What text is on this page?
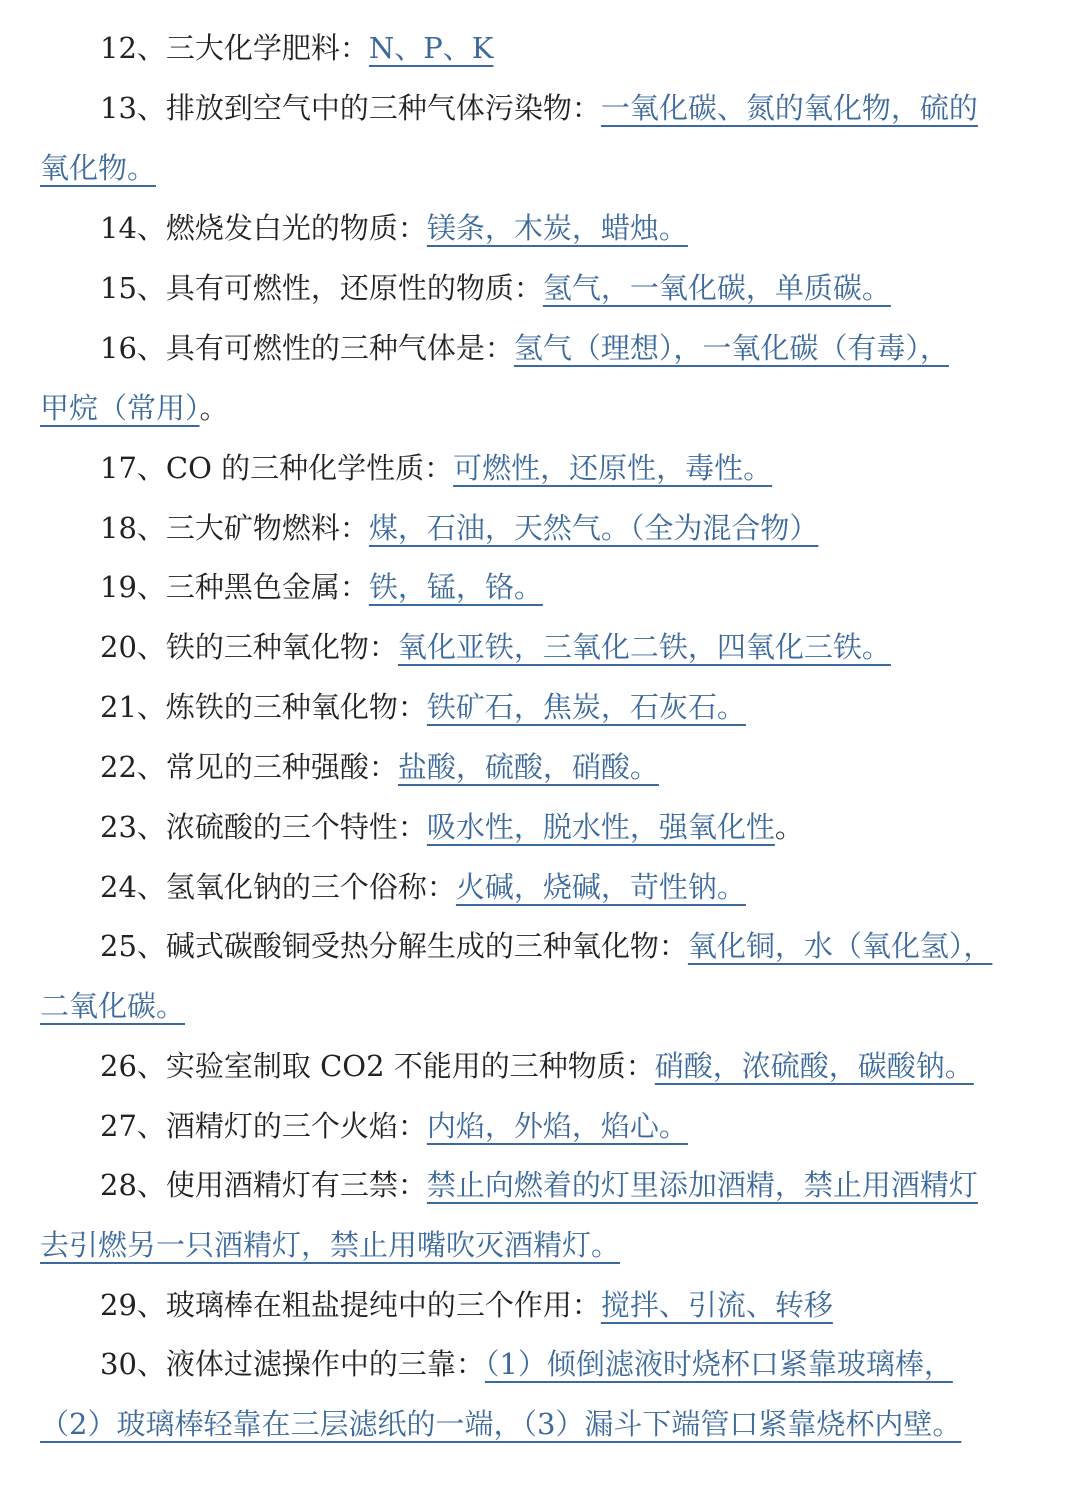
12、三大化学肥料：N、P、K
13、排放到空气中的三种气体污染物：一氧化碳、氮的氧化物，硫的
氧化物。
14、燃烧发白光的物质：镁条，木炭，蜡烛。
15、具有可燃性，还原性的物质：氢气，一氧化碳，单质碳。
16、具有可燃性的三种气体是：氢气（理想），一氧化碳（有毒），
甲烷（常用）。
17、CO 的三种化学性质：可燃性，还原性，毒性。
18、三大矿物燃料：煤，石油，天然气。（全为混合物）
19、三种黑色金属：铁，锰，铬。
20、铁的三种氧化物：氧化亚铁，三氧化二铁，四氧化三铁。
21、炼铁的三种氧化物：铁矿石，焦炭，石灰石。
22、常见的三种强酸：盐酸，硫酸，硝酸。
23、浓硫酸的三个特性：吸水性，脱水性，强氧化性。
24、氢氧化钠的三个俗称：火碱，烧碱，苛性钠。
25、碱式碳酸铜受热分解生成的三种氧化物：氧化铜，水（氧化氢），
二氧化碳。
26、实验室制取 CO2 不能用的三种物质：硝酸，浓硫酸，碳酸钠。
27、酒精灯的三个火焰：内焰，外焰，焰心。
28、使用酒精灯有三禁：禁止向燃着的灯里添加酒精，禁止用酒精灯
去引燃另一只酒精灯，禁止用嘴吹灭酒精灯。
29、玻璃棒在粗盐提纯中的三个作用：搅拌、引流、转移
30、液体过滤操作中的三靠：（1）倾倒滤液时烧杯口紧靠玻璃棒，
（2）玻璃棒轻靠在三层滤纸的一端，（3）漏斗下端管口紧靠烧杯内壁。
